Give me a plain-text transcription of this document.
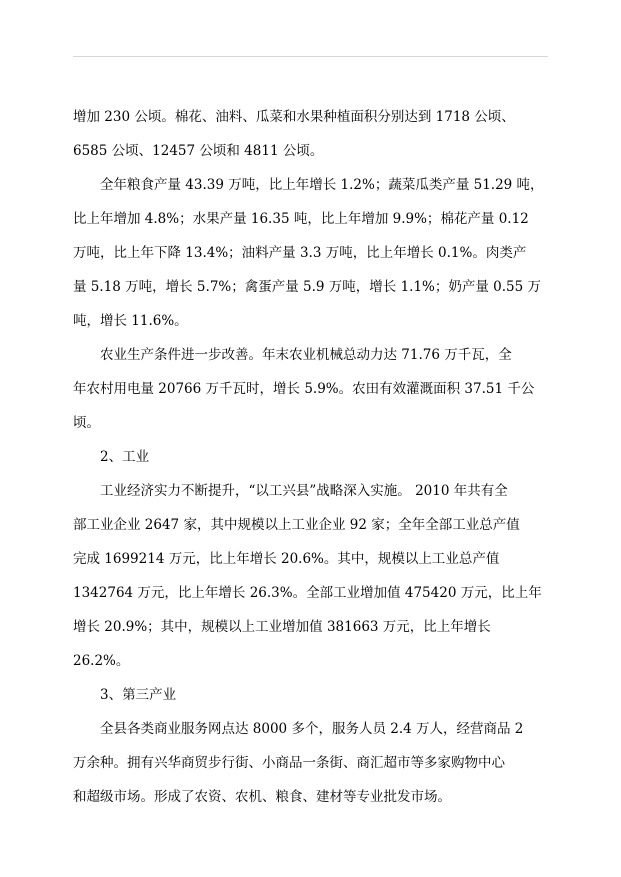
增加 230 公顷。棉花、油料、瓜菜和水果种植面积分别达到 1718 公顷、
6585 公顷、12457 公顷和 4811 公顷。
全年粮食产量 43.39 万吨，比上年增长 1.2%；蔬菜瓜类产量 51.29 吨，
比上年增加 4.8%；水果产量 16.35 吨，比上年增加 9.9%；棉花产量 0.12
万吨，比上年下降 13.4%；油料产量 3.3 万吨，比上年增长 0.1%。肉类产
量 5.18 万吨，增长 5.7%；禽蛋产量 5.9 万吨，增长 1.1%；奶产量 0.55 万
吨，增长 11.6%。
农业生产条件进一步改善。年末农业机械总动力达 71.76 万千瓦，全
年农村用电量 20766 万千瓦时，增长 5.9%。农田有效灌溉面积 37.51 千公
顷。
2、工业
工业经济实力不断提升，“以工兴县”战略深入实施。 2010 年共有全
部工业企业 2647 家，其中规模以上工业企业 92 家；全年全部工业总产值
完成 1699214 万元，比上年增长 20.6%。其中，规模以上工业总产值
1342764 万元，比上年增长 26.3%。全部工业增加值 475420 万元，比上年
增长 20.9%；其中，规模以上工业增加值 381663 万元，比上年增长
26.2%。
3、第三产业
全县各类商业服务网点达 8000 多个，服务人员 2.4 万人，经营商品 2
万余种。拥有兴华商贸步行街、小商品一条街、商汇超市等多家购物中心
和超级市场。形成了农资、农机、粮食、建材等专业批发市场。
